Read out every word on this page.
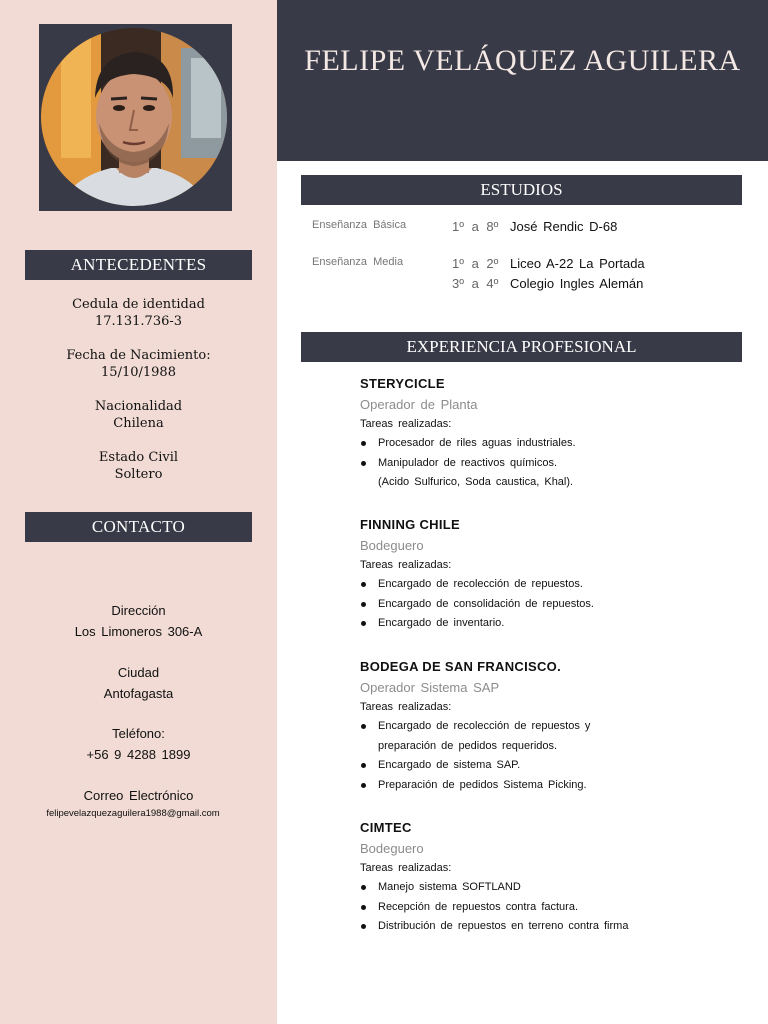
ANTECEDENTES
Cedula de identidad
17.131.736-3
Fecha de Nacimiento:
15/10/1988
Nacionalidad
Chilena
Estado Civil
Soltero
CONTACTO
Dirección
Los Limoneros 306-A
Ciudad
Antofagasta
Teléfono:
+56 9 4288 1899
Correo Electrónico
felipevelazquezaguilera1988@gmail.com
FELIPE VELÁQUEZ AGUILERA
ESTUDIOS
Enseñanza Básica	1º a 8º José Rendic D-68
Enseñanza Media	1º a 2º Liceo A-22 La Portada
3º a 4º Colegio Ingles Alemán
EXPERIENCIA PROFESIONAL
STERYCICLE
Operador de Planta
Tareas realizadas:
Procesador de riles aguas industriales.
Manipulador de reactivos químicos.
(Acido Sulfurico, Soda caustica, Khal).
FINNING CHILE
Bodeguero
Tareas realizadas:
Encargado de recolección de repuestos.
Encargado de consolidación de repuestos.
Encargado de inventario.
BODEGA DE SAN FRANCISCO.
Operador Sistema SAP
Tareas realizadas:
Encargado de recolección de repuestos y
preparación de pedidos requeridos.
Encargado de sistema SAP.
Preparación de pedidos Sistema Picking.
CIMTEC
Bodeguero
Tareas realizadas:
Manejo sistema SOFTLAND
Recepción de repuestos contra factura.
Distribución de repuestos en terreno contra firma
